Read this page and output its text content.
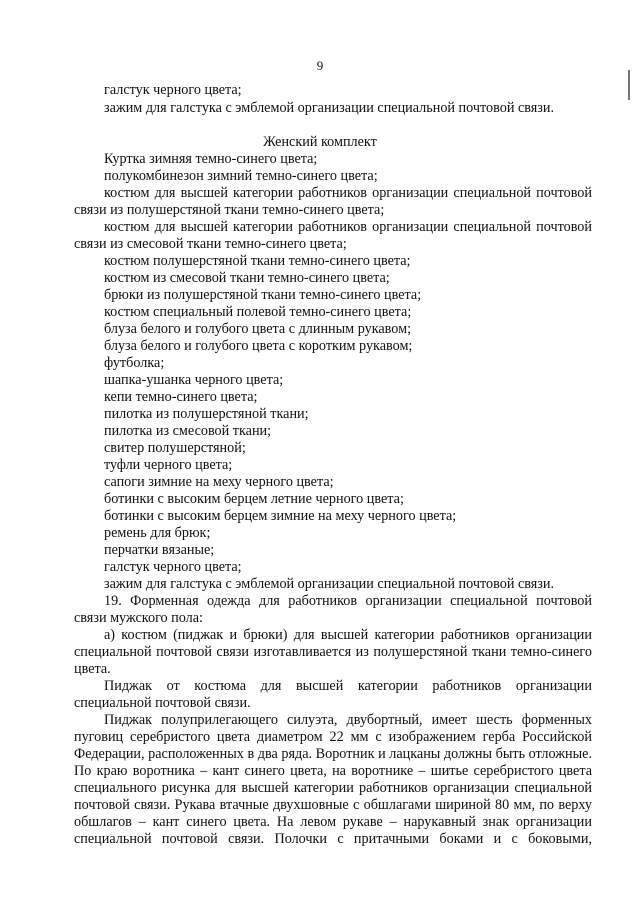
9
галстук черного цвета;
зажим для галстука с эмблемой организации специальной почтовой связи.
Женский комплект
Куртка зимняя темно-синего цвета;
полукомбинезон зимний темно-синего цвета;
костюм для высшей категории работников организации специальной почтовой
связи из полушерстяной ткани темно-синего цвета;
костюм для высшей категории работников организации специальной почтовой
связи из смесовой ткани темно-синего цвета;
костюм полушерстяной ткани темно-синего цвета;
костюм из смесовой ткани темно-синего цвета;
брюки из полушерстяной ткани темно-синего цвета;
костюм специальный полевой темно-синего цвета;
блуза белого и голубого цвета с длинным рукавом;
блуза белого и голубого цвета с коротким рукавом;
футболка;
шапка-ушанка черного цвета;
кепи темно-синего цвета;
пилотка из полушерстяной ткани;
пилотка из смесовой ткани;
свитер полушерстяной;
туфли черного цвета;
сапоги зимние на меху черного цвета;
ботинки с высоким берцем летние черного цвета;
ботинки с высоким берцем зимние на меху черного цвета;
ремень для брюк;
перчатки вязаные;
галстук черного цвета;
зажим для галстука с эмблемой организации специальной почтовой связи.
19. Форменная одежда для работников организации специальной почтовой
связи мужского пола:
а) костюм (пиджак и брюки) для высшей категории работников организации
специальной почтовой связи изготавливается из полушерстяной ткани темно-синего
цвета.
Пиджак от костюма для высшей категории работников организации
специальной почтовой связи.
Пиджак полуприлегающего силуэта, двубортный, имеет шесть форменных
пуговиц серебристого цвета диаметром 22 мм с изображением герба Российской
Федерации, расположенных в два ряда. Воротник и лацканы должны быть отложные.
По краю воротника – кант синего цвета, на воротнике – шитье серебристого цвета
специального рисунка для высшей категории работников организации специальной
почтовой связи. Рукава втачные двухшовные с обшлагами шириной 80 мм, по верху
обшлагов – кант синего цвета. На левом рукаве – нарукавный знак организации
специальной почтовой связи. Полочки с притачными боками и с боковыми,
